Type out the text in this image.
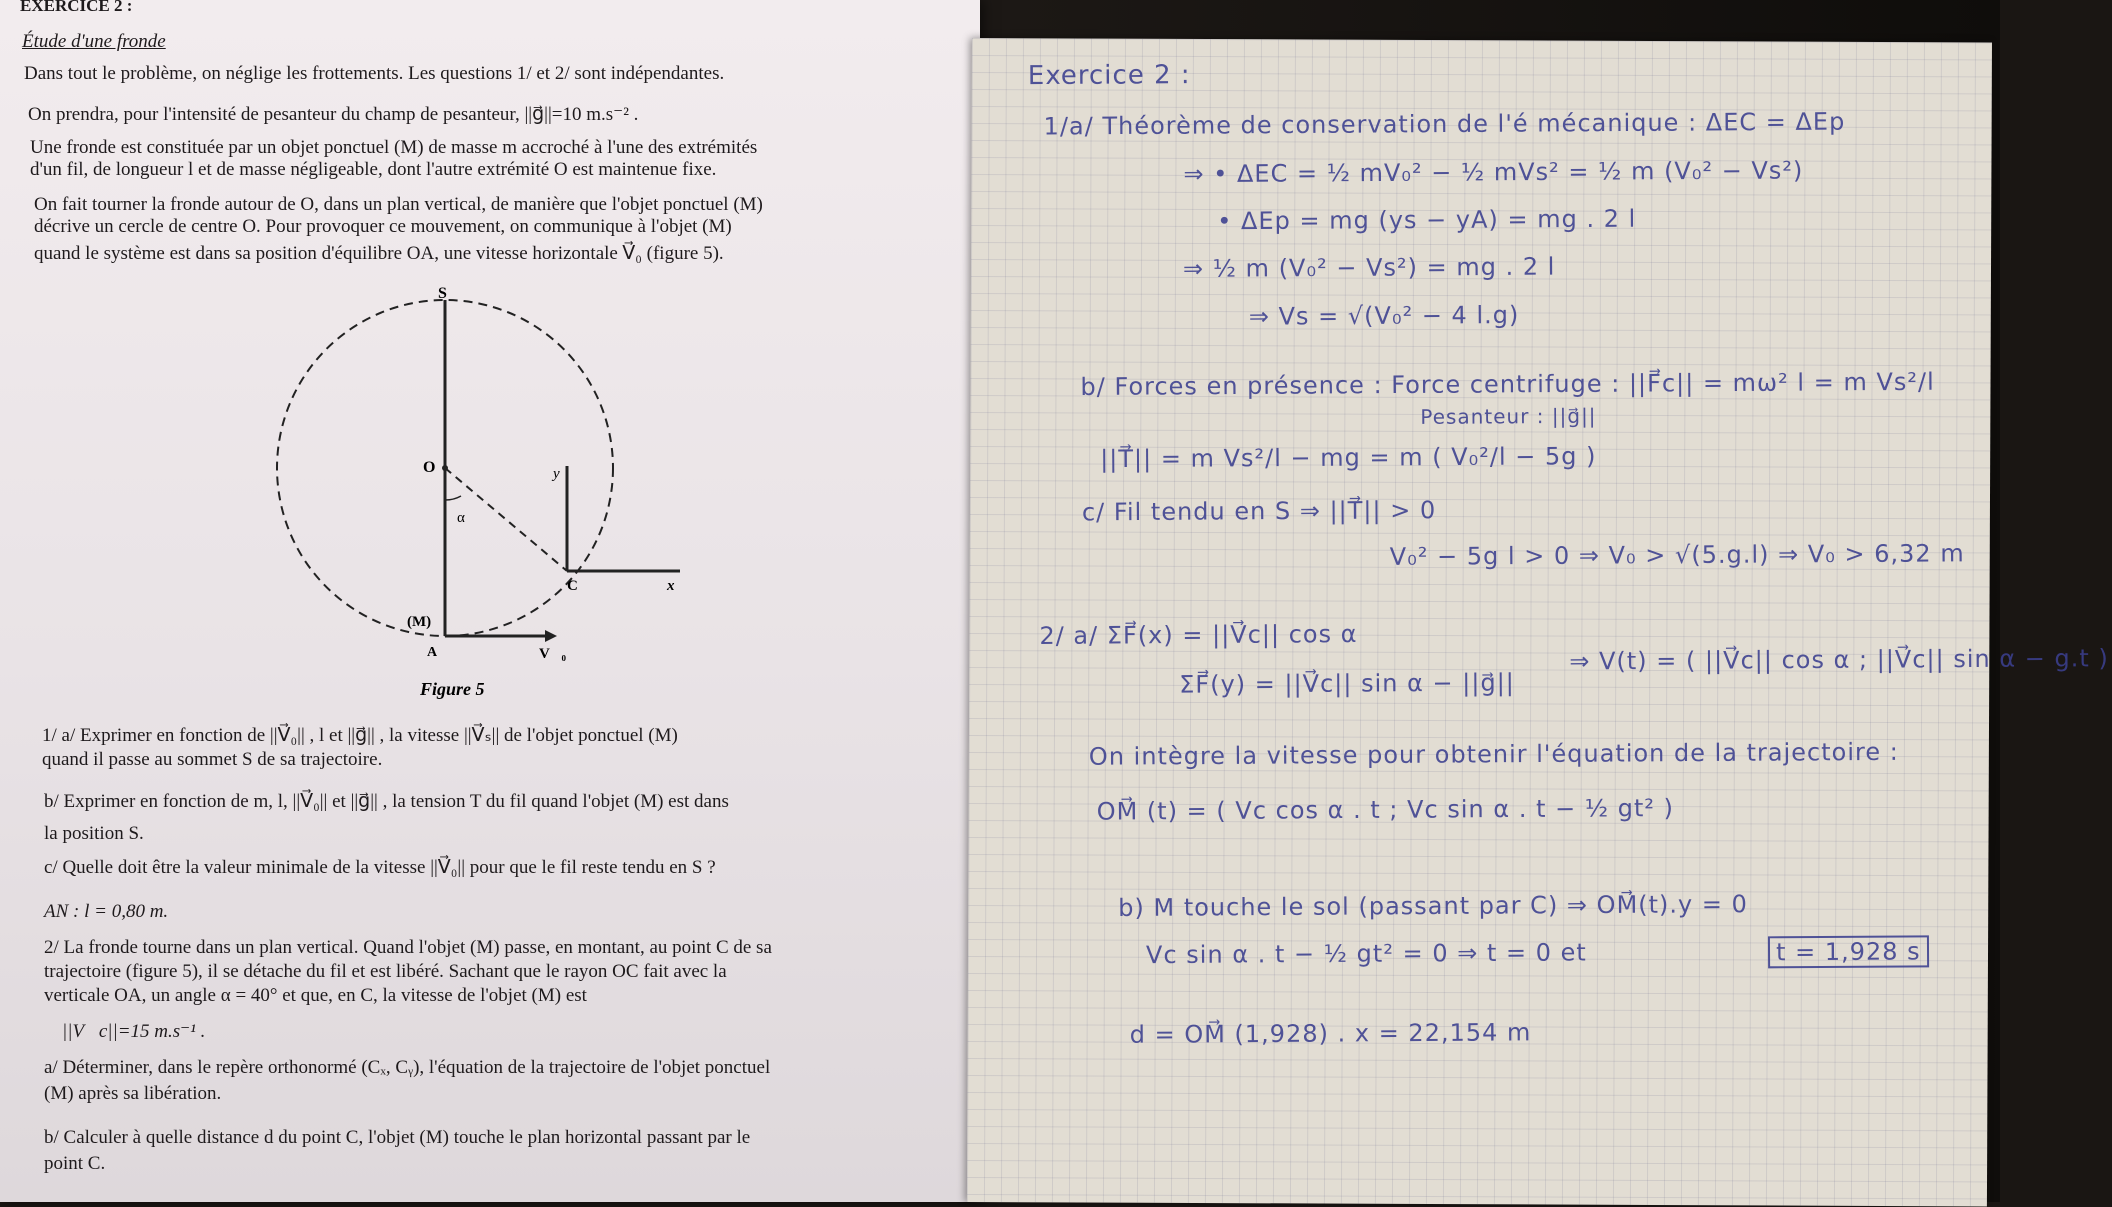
EXERCICE 2 :
Étude d'une fronde
Dans tout le problème, on néglige les frottements. Les questions 1/ et 2/ sont indépendantes.
On prendra, pour l'intensité de pesanteur du champ de pesanteur, ||g⃗||=10 m.s⁻² .
Une fronde est constituée par un objet ponctuel (M) de masse m accroché à l'une des extrémités
d'un fil, de longueur l et de masse négligeable, dont l'autre extrémité O est maintenue fixe.
On fait tourner la fronde autour de O, dans un plan vertical, de manière que l'objet ponctuel (M)
décrive un cercle de centre O. Pour provoquer ce mouvement, on communique à l'objet (M)
quand le système est dans sa position d'équilibre OA, une vitesse horizontale V⃗₀ (figure 5).
S
O	y
α
C	x
(M)
A	V⃗₀
Figure 5
1/ a/ Exprimer en fonction de ||V⃗₀|| , l et ||g⃗|| , la vitesse ||V⃗ₛ|| de l'objet ponctuel (M)
quand il passe au sommet S de sa trajectoire.
b/ Exprimer en fonction de m, l, ||V⃗₀|| et ||g⃗|| , la tension T du fil quand l'objet (M) est dans
la position S.
c/ Quelle doit être la valeur minimale de la vitesse ||V⃗₀|| pour que le fil reste tendu en S ?
AN : l = 0,80 m.
2/ La fronde tourne dans un plan vertical. Quand l'objet (M) passe, en montant, au point C de sa
trajectoire (figure 5), il se détache du fil et est libéré. Sachant que le rayon OC fait avec la
verticale OA, un angle α = 40° et que, en C, la vitesse de l'objet (M) est
||V⃗c||=15 m.s⁻¹ .
a/ Déterminer, dans le repère orthonormé (Cₓ, Cᵧ), l'équation de la trajectoire de l'objet ponctuel
(M) après sa libération.
b/ Calculer à quelle distance d du point C, l'objet (M) touche le plan horizontal passant par le
point C.
Exercice 2 :
1/a/ Théorème de conservation de l'é mécanique : ΔEC = ΔEp
⇒ • ΔEC = ½ mV₀² − ½ mVs² = ½ m (V₀² − Vs²)
• ΔEp = mg (ys − yA) = mg . 2 l
⇒ ½ m (V₀² − Vs²) = mg . 2 l
⇒ Vs = √(V₀² − 4 l.g)
b/ Forces en présence : Force centrifuge : ||F⃗c|| = mω² l = m Vs²/l
Pesanteur : ||g⃗||
||T⃗|| = m Vs²/l − mg = m ( V₀²/l − 5g )
c/ Fil tendu en S ⇒ ||T⃗|| > 0
V₀² − 5g l > 0 ⇒ V₀ > √(5.g.l) ⇒ V₀ > 6,32 m
2/ a/ ΣF⃗(x) = ||V⃗c|| cos α
ΣF⃗(y) = ||V⃗c|| sin α − ||g⃗||
⇒ V(t) = ( ||V⃗c|| cos α ; ||V⃗c|| sin α − g.t )
On intègre la vitesse pour obtenir l'équation de la trajectoire :
OM⃗ (t) = ( Vc cos α . t ; Vc sin α . t − ½ gt² )
b) M touche le sol (passant par C) ⇒ OM⃗(t).y = 0
Vc sin α . t − ½ gt² = 0 ⇒ t = 0 et	t = 1,928 s
d = OM⃗ (1,928) . x = 22,154 m
